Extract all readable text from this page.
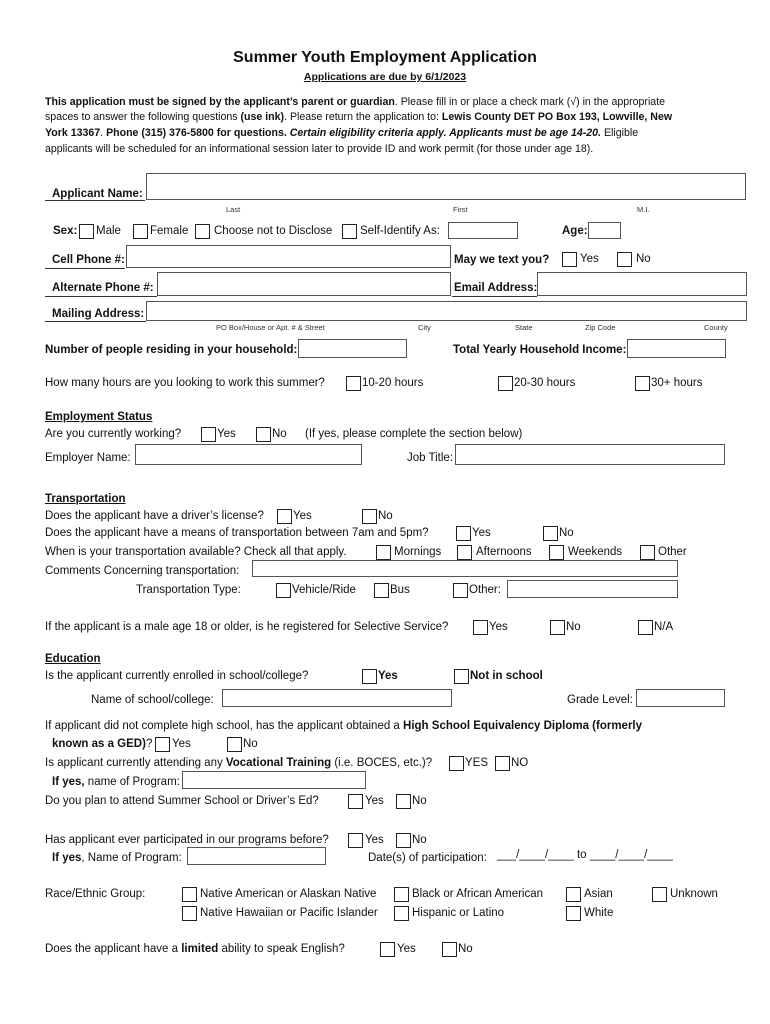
Summer Youth Employment Application
Applications are due by 6/1/2023
This application must be signed by the applicant’s parent or guardian. Please fill in or place a check mark (√) in the appropriate
spaces to answer the following questions (use ink). Please return the application to: Lewis County DET PO Box 193, Lowville, New
York 13367. Phone (315) 376-5800 for questions. Certain eligibility criteria apply. Applicants must be age 14-20. Eligible
applicants will be scheduled for an informational session later to provide ID and work permit (for those under age 18).
Applicant Name:
Last	First	M.I.
Sex: Male	Female Choose not to Disclose Self-Identify As:	Age:
Cell Phone #:	May we text you?	Yes	No
Alternate Phone #:	Email Address:
Mailing Address:
PO Box/House or Apt. # & Street	City	State	Zip Code	County
Number of people residing in your household:	Total Yearly Household Income:
How many hours are you looking to work this summer?	10-20 hours	20-30 hours	30+ hours
Employment Status
Are you currently working?	Yes	No (If yes, please complete the section below)
Employer Name:	Job Title:
Transportation
Does the applicant have a driver’s license?	Yes	No
Does the applicant have a means of transportation between 7am and 5pm?	Yes	No
When is your transportation available? Check all that apply.	Mornings	Afternoons	Weekends	Other
Comments Concerning transportation:
Transportation Type:	Vehicle/Ride	Bus	Other:
If the applicant is a male age 18 or older, is he registered for Selective Service?	Yes	No	N/A
Education
Is the applicant currently enrolled in school/college?	Yes	Not in school
Name of school/college:	Grade Level:
If applicant did not complete high school, has the applicant obtained a High School Equivalency Diploma (formerly
known as a GED)? Yes	No
Is applicant currently attending any Vocational Training (i.e. BOCES, etc.)?	YES NO
If yes, name of Program:
Do you plan to attend Summer School or Driver’s Ed?	Yes No
Has applicant ever participated in our programs before?	Yes No
If yes, Name of Program:	Date(s) of participation: ___/____/____ to ____/____/____
Race/Ethnic Group:	Native American or Alaskan Native	Black or African American	Asian	Unknown
Native Hawaiian or Pacific Islander	Hispanic or Latino	White
Does the applicant have a limited ability to speak English?	Yes	No
